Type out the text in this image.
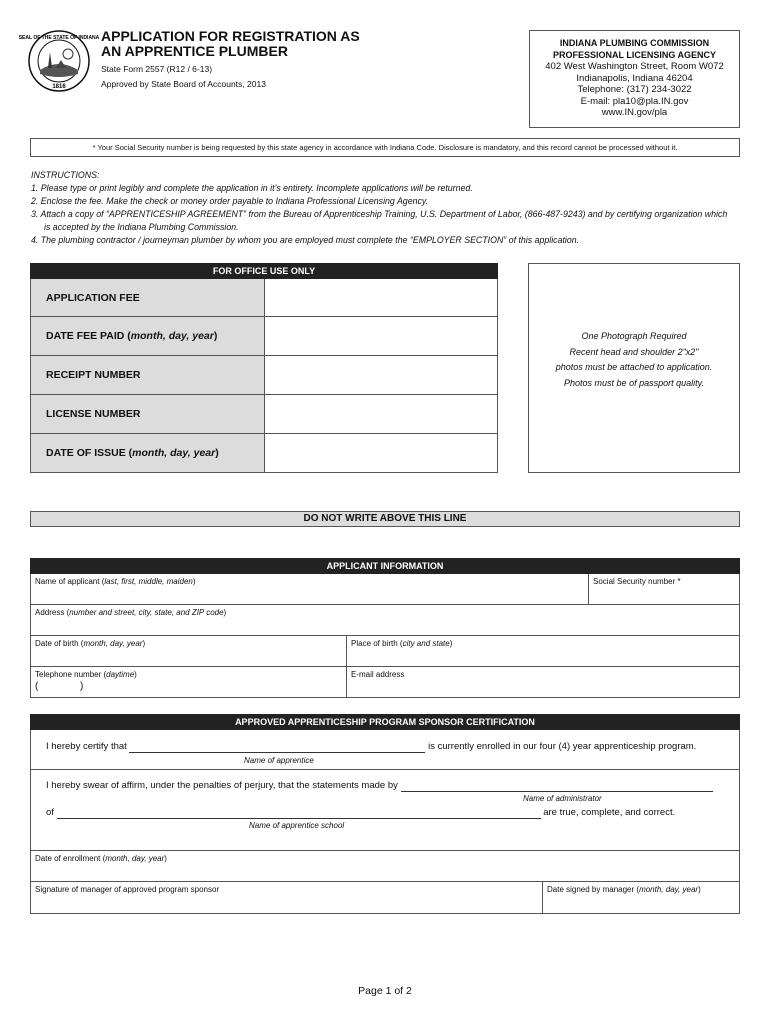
SEAL OF THE STATE OF INDIANA
1816
APPLICATION FOR REGISTRATION AS
AN APPRENTICE PLUMBER
State Form 2557 (R12 / 6-13)
Approved by State Board of Accounts, 2013
INDIANA PLUMBING COMMISSION
PROFESSIONAL LICENSING AGENCY
402 West Washington Street, Room W072
Indianapolis, Indiana 46204
Telephone: (317) 234-3022
E-mail: pla10@pla.IN.gov
www.IN.gov/pla
* Your Social Security number is being requested by this state agency in accordance with Indiana Code. Disclosure is mandatory, and this record cannot be processed without it.
INSTRUCTIONS:
1. Please type or print legibly and complete the application in it’s entirety. Incomplete applications will be returned.
2. Enclose the fee. Make the check or money order payable to Indiana Professional Licensing Agency.
3. Attach a copy of “APPRENTICESHIP AGREEMENT” from the Bureau of Apprenticeship Training, U.S. Department of Labor, (866-487-9243) and by certifying organization which is accepted by the Indiana Plumbing Commission.
4. The plumbing contractor / journeyman plumber by whom you are employed must complete the “EMPLOYER SECTION” of this application.
FOR OFFICE USE ONLY
APPLICATION FEE
DATE FEE PAID ( month, day, year )
RECEIPT NUMBER
LICENSE NUMBER
DATE OF ISSUE ( month, day, year )
One Photograph Required
Recent head and shoulder 2"x2"
photos must be attached to application.
Photos must be of passport quality.
DO NOT WRITE ABOVE THIS LINE
APPLICANT INFORMATION
Name of applicant (last, first, middle, maiden)	Social Security number *
Address (number and street, city, state, and ZIP code)
Date of birth (month, day, year)	Place of birth (city and state)
Telephone number (daytime)
(	)
E-mail address
APPROVED APPRENTICESHIP PROGRAM SPONSOR CERTIFICATION
I hereby certify that	is currently enrolled in our four (4) year apprenticeship program.
Name of apprentice
I hereby swear of affirm, under the penalties of perjury, that the statements made by
Name of administrator
of	are true, complete, and correct.
Name of apprentice school
Date of enrollment (month, day, year)
Signature of manager of approved program sponsor	Date signed by manager (month, day, year)
Page 1 of 2
